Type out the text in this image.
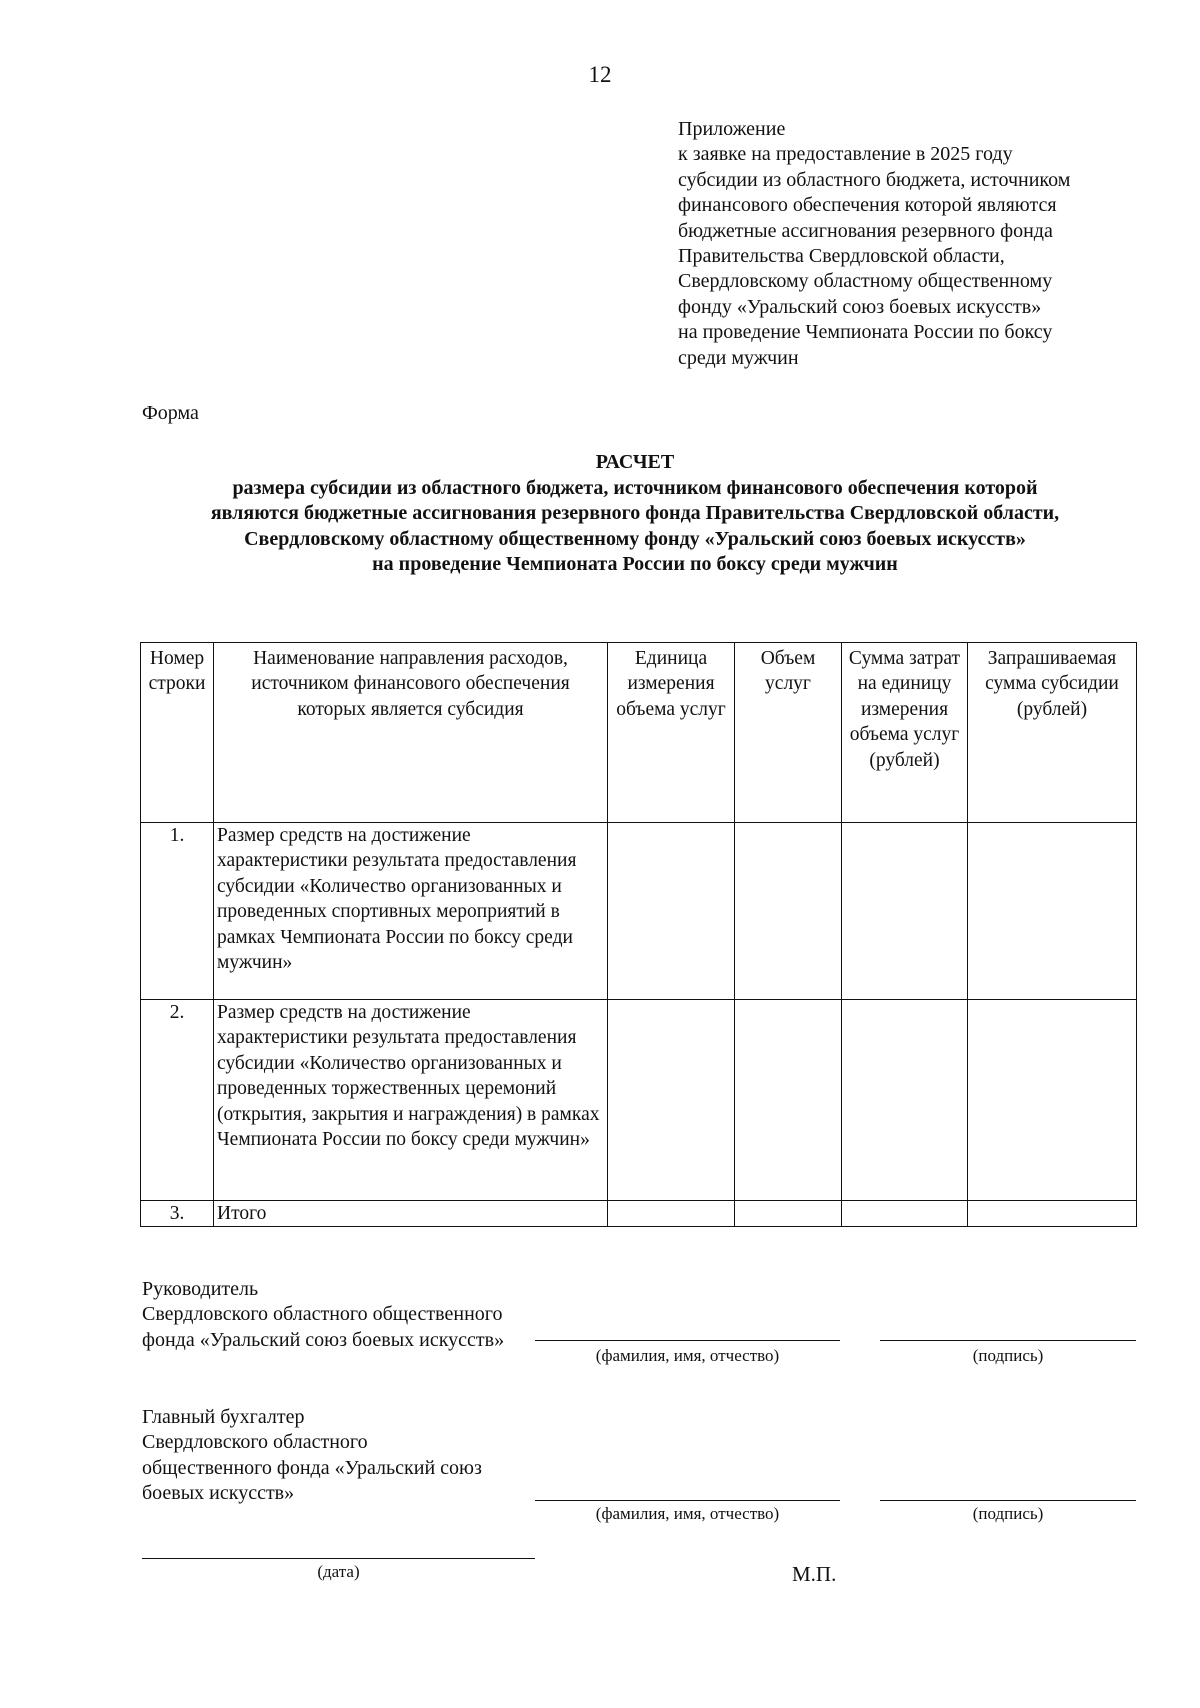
12
Приложение
к заявке на предоставление в 2025 году
субсидии из областного бюджета, источником
финансового обеспечения которой являются
бюджетные ассигнования резервного фонда
Правительства Свердловской области,
Свердловскому областному общественному
фонду «Уральский союз боевых искусств»
на проведение Чемпионата России по боксу
среди мужчин
Форма
РАСЧЕТ
размера субсидии из областного бюджета, источником финансового обеспечения которой
являются бюджетные ассигнования резервного фонда Правительства Свердловской области,
Свердловскому областному общественному фонду «Уральский союз боевых искусств»
на проведение Чемпионата России по боксу среди мужчин
Номер строки	Наименование направления расходов, источником финансового обеспечения которых является субсидия	Единица измерения объема услуг	Объем услуг	Сумма затрат на единицу измерения объема услуг (рублей)	Запрашиваемая сумма субсидии (рублей)
1.	Размер средств на достижение характеристики результата предоставления субсидии «Количество организованных и проведенных спортивных мероприятий в рамках Чемпионата России по боксу среди мужчин»				
2.	Размер средств на достижение характеристики результата предоставления субсидии «Количество организованных и проведенных торжественных церемоний (открытия, закрытия и награждения) в рамках Чемпионата России по боксу среди мужчин»				
3.	Итого				
Руководитель
Свердловского областного общественного
фонда «Уральский союз боевых искусств»
(фамилия, имя, отчество)	(подпись)
Главный бухгалтер
Свердловского областного
общественного фонда «Уральский союз
боевых искусств»
(фамилия, имя, отчество)	(подпись)
(дата)	М.П.
